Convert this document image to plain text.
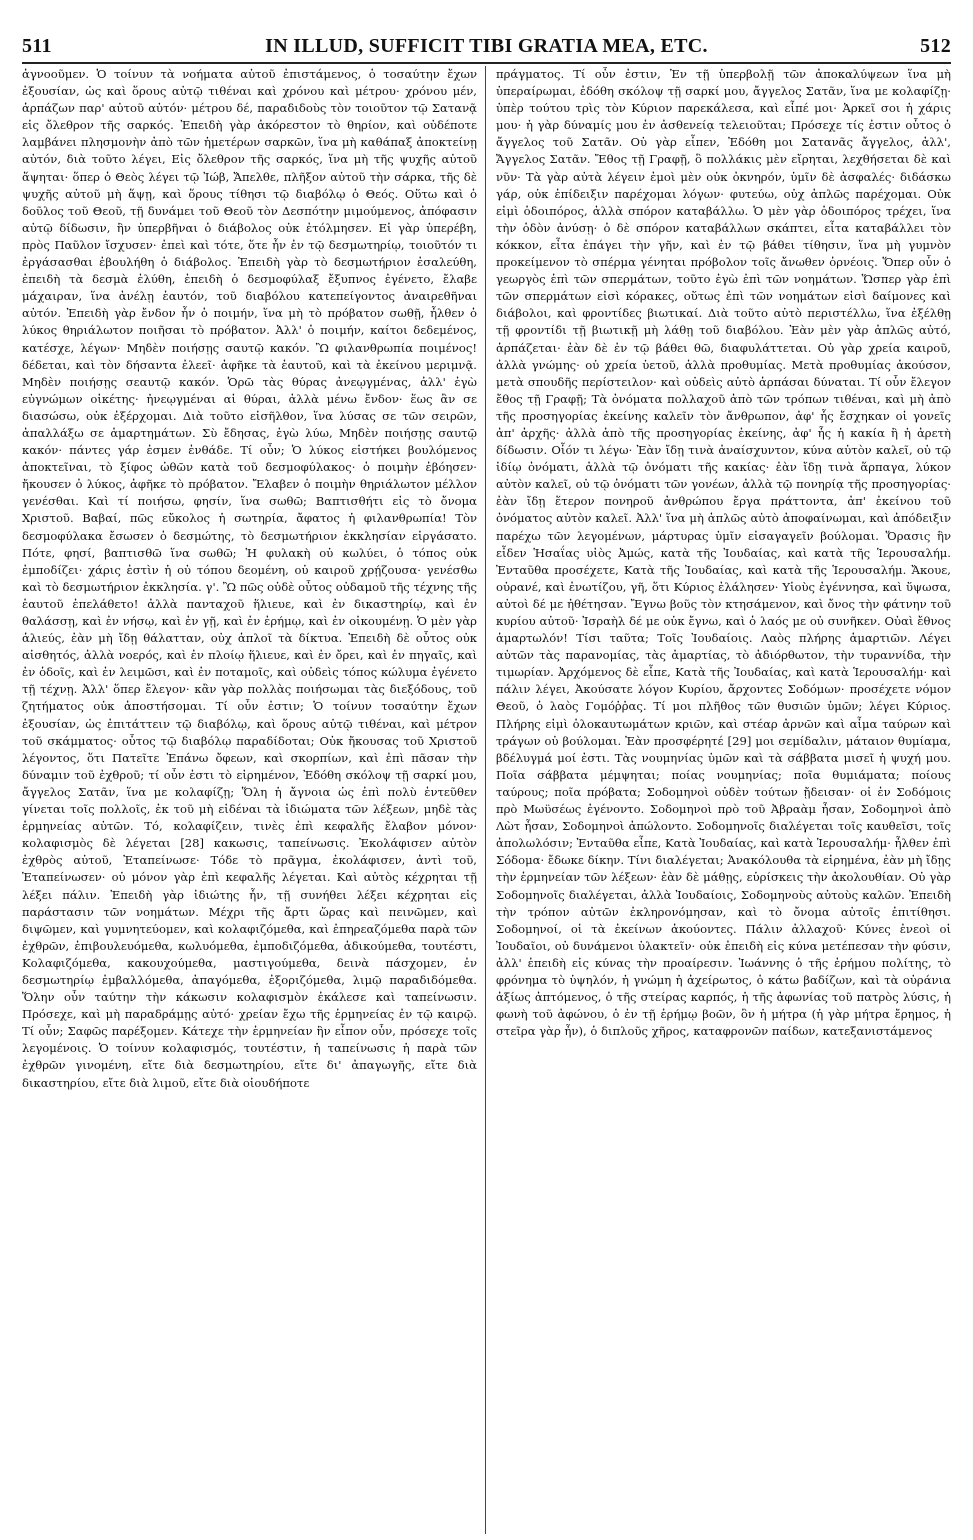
511	IN ILLUD, SUFFICIT TIBI GRATIA MEA, ETC.	512

ἀγνοοῦμεν. Ὁ τοίνυν τὰ νοήματα αὐτοῦ ἐπιστάμενος, ὁ τοσαύτην ἔχων ἐξουσίαν, ὡς καὶ ὅρους αὐτῷ τιθέναι καὶ χρόνου καὶ μέτρου· χρόνου μέν, ἁρπάζων παρ' αὐτοῦ αὐτόν· μέτρου δέ, παραδιδοὺς τὸν τοιοῦτον τῷ Σατανᾷ εἰς ὄλεθρον τῆς σαρκός. Ἐπειδὴ γὰρ ἀκόρεστον τὸ θηρίον, καὶ οὐδέποτε λαμβάνει πλησμονὴν ἀπὸ τῶν ἡμετέρων σαρκῶν, ἵνα μὴ καθάπαξ ἀποκτείνῃ αὐτόν, διὰ τοῦτο λέγει, Εἰς ὄλεθρον τῆς σαρκός, ἵνα μὴ τῆς ψυχῆς αὐτοῦ ἅψηται· ὅπερ ὁ Θεὸς λέγει τῷ Ἰώβ, Ἄπελθε, πλῆξον αὐτοῦ τὴν σάρκα, τῆς δὲ ψυχῆς αὐτοῦ μὴ ἅψῃ, καὶ ὅρους τίθησι τῷ διαβόλῳ ὁ Θεός. Οὕτω καὶ ὁ δοῦλος τοῦ Θεοῦ, τῇ δυνάμει τοῦ Θεοῦ τὸν Δεσπότην μιμούμενος, ἀπόφασιν αὐτῷ δίδωσιν, ἣν ὑπερβῆναι ὁ διάβολος οὐκ ἐτόλμησεν. Εἰ γὰρ ὑπερέβη, πρὸς Παῦλον ἴσχυσεν· ἐπεὶ καὶ τότε, ὅτε ἦν ἐν τῷ δεσμωτηρίῳ, τοιοῦτόν τι ἐργάσασθαι ἐβουλήθη ὁ διάβολος. Ἐπειδὴ γὰρ τὸ δεσμωτήριον ἐσαλεύθη, ἐπειδὴ τὰ δεσμὰ ἐλύθη, ἐπειδὴ ὁ δεσμοφύλαξ ἔξυπνος ἐγένετο, ἔλαβε μάχαιραν, ἵνα ἀνέλῃ ἑαυτόν, τοῦ διαβόλου κατεπείγοντος ἀναιρεθῆναι αὐτόν. Ἐπειδὴ γὰρ ἔνδον ἦν ὁ ποιμήν, ἵνα μὴ τὸ πρόβατον σωθῇ, ἦλθεν ὁ λύκος θηριάλωτον ποιῆσαι τὸ πρόβατον. Ἀλλ' ὁ ποιμήν, καίτοι δεδεμένος, κατέσχε, λέγων· Μηδὲν ποιήσῃς σαυτῷ κακόν. Ὢ φιλανθρωπία ποιμένος! δέδεται, καὶ τὸν δήσαντα ἐλεεῖ· ἀφῆκε τὰ ἑαυτοῦ, καὶ τὰ ἐκείνου μεριμνᾷ. Μηδὲν ποιήσῃς σεαυτῷ κακόν. Ὁρῶ τὰς θύρας ἀνεῳγμένας, ἀλλ' ἐγὼ εὐγνώμων οἰκέτης· ἠνεῳγμέναι αἱ θύραι, ἀλλὰ μένω ἔνδον· ἕως ἂν σε διασώσω, οὐκ ἐξέρχομαι. Διὰ τοῦτο εἰσῆλθον, ἵνα λύσας σε τῶν σειρῶν, ἀπαλλάξω σε ἁμαρτημάτων. Σὺ ἔδησας, ἐγὼ λύω, Μηδὲν ποιήσῃς σαυτῷ κακόν· πάντες γάρ ἐσμεν ἐνθάδε. Τί οὖν; Ὁ λύκος εἱστήκει βουλόμενος ἀποκτεῖναι, τὸ ξίφος ὠθῶν κατὰ τοῦ δεσμοφύλακος· ὁ ποιμὴν ἐβόησεν· ἤκουσεν ὁ λύκος, ἀφῆκε τὸ πρόβατον. Ἔλαβεν ὁ ποιμὴν θηριάλωτον μέλλον γενέσθαι. Καὶ τί ποιήσω, φησίν, ἵνα σωθῶ; Βαπτισθήτι εἰς τὸ ὄνομα Χριστοῦ. Βαβαί, πῶς εὔκολος ἡ σωτηρία, ἄφατος ἡ φιλανθρωπία! Τὸν δεσμοφύλακα ἔσωσεν ὁ δεσμώτης, τὸ δεσμωτήριον ἐκκλησίαν εἰργάσατο. Πότε, φησί, βαπτισθῶ ἵνα σωθῶ; Ἡ φυλακὴ οὐ κωλύει, ὁ τόπος οὐκ ἐμποδίζει· χάρις ἐστὶν ἡ οὐ τόπου δεομένη, οὐ καιροῦ χρῄζουσα· γενέσθω καὶ τὸ δεσμωτήριον ἐκκλησία. γ'. Ὢ πῶς οὐδὲ οὗτος οὐδαμοῦ τῆς τέχνης τῆς ἑαυτοῦ ἐπελάθετο! ἀλλὰ πανταχοῦ ἥλιευε, καὶ ἐν δικαστηρίῳ, καὶ ἐν θαλάσσῃ, καὶ ἐν νήσῳ, καὶ ἐν γῇ, καὶ ἐν ἐρήμῳ, καὶ ἐν οἰκουμένῃ. Ὁ μὲν γὰρ ἁλιεύς, ἐὰν μὴ ἴδῃ θάλατταν, οὐχ ἁπλοῖ τὰ δίκτυα. Ἐπειδὴ δὲ οὗτος οὐκ αἰσθητός, ἀλλὰ νοερός, καὶ ἐν πλοίῳ ἥλιευε, καὶ ἐν ὄρει, καὶ ἐν πηγαῖς, καὶ ἐν ὁδοῖς, καὶ ἐν λειμῶσι, καὶ ἐν ποταμοῖς, καὶ οὐδεὶς τόπος κώλυμα ἐγένετο τῇ τέχνῃ. Ἀλλ' ὅπερ ἔλεγον· κἂν γὰρ πολλὰς ποιήσωμαι τὰς διεξόδους, τοῦ ζητήματος οὐκ ἀποστήσομαι. Τί οὖν ἐστιν; Ὁ τοίνυν τοσαύτην ἔχων ἐξουσίαν, ὡς ἐπιτάττειν τῷ διαβόλῳ, καὶ ὅρους αὐτῷ τιθέναι, καὶ μέτρον τοῦ σκάμματος· οὗτος τῷ διαβόλῳ παραδίδοται; Οὐκ ἤκουσας τοῦ Χριστοῦ λέγοντος, ὅτι Πατεῖτε Ἐπάνω ὄφεων, καὶ σκορπίων, καὶ ἐπὶ πᾶσαν τὴν δύναμιν τοῦ ἐχθροῦ; τί οὖν ἐστι τὸ εἰρημένον, Ἐδόθη σκόλοψ τῇ σαρκί μου, ἄγγελος Σατᾶν, ἵνα με κολαφίζῃ; Ὅλη ἡ ἄγνοια ὡς ἐπὶ πολὺ ἐντεῦθεν γίνεται τοῖς πολλοῖς, ἐκ τοῦ μὴ εἰδέναι τὰ ἰδιώματα τῶν λέξεων, μηδὲ τὰς ἑρμηνείας αὐτῶν. Τό, κολαφίζειν, τινὲς ἐπὶ κεφαλῆς ἔλαβον μόνον· κολαφισμὸς δὲ λέγεται [28] κακωσις, ταπείνωσις. Ἐκολάφισεν αὐτὸν ἐχθρὸς αὐτοῦ, Ἐταπείνωσε· Τόδε τὸ πρᾶγμα, ἐκολάφισεν, ἀντὶ τοῦ, Ἐταπείνωσεν· οὐ μόνον γὰρ ἐπὶ κεφαλῆς λέγεται. Καὶ αὐτὸς κέχρηται τῇ λέξει πάλιν. Ἐπειδὴ γὰρ ἰδιώτης ἦν, τῇ συνήθει λέξει κέχρηται εἰς παράστασιν τῶν νοημάτων. Μέχρι τῆς ἄρτι ὥρας καὶ πεινῶμεν, καὶ διψῶμεν, καὶ γυμνητεύομεν, καὶ κολαφιζόμεθα, καὶ ἐπηρεαζόμεθα παρὰ τῶν ἐχθρῶν, ἐπιβουλευόμεθα, κωλυόμεθα, ἐμποδιζόμεθα, ἀδικούμεθα, τουτέστι, Κολαφιζόμεθα, κακουχούμεθα, μαστιγούμεθα, δεινὰ πάσχομεν, ἐν δεσμωτηρίῳ ἐμβαλλόμεθα, ἀπαγόμεθα, ἐξοριζόμεθα, λιμῷ παραδιδόμεθα. Ὅλην οὖν ταύτην τὴν κάκωσιν κολαφισμὸν ἐκάλεσε καὶ ταπείνωσιν. Πρόσεχε, καὶ μὴ παραδράμῃς αὐτό· χρείαν ἔχω τῆς ἑρμηνείας ἐν τῷ καιρῷ. Τί οὖν; Σαφῶς παρέξομεν. Κάτεχε τὴν ἑρμηνείαν ἣν εἶπον οὖν, πρόσεχε τοῖς λεγομένοις. Ὁ τοίνυν κολαφισμός, τουτέστιν, ἡ ταπείνωσις ἡ παρὰ τῶν ἐχθρῶν γινομένη, εἴτε διὰ δεσμωτηρίου, εἴτε δι' ἀπαγωγῆς, εἴτε διὰ δικαστηρίου, εἴτε διὰ λιμοῦ, εἴτε διὰ οἱουδήποτε

πράγματος. Τί οὖν ἐστιν, Ἐν τῇ ὑπερβολῇ τῶν ἀποκαλύψεων ἵνα μὴ ὑπεραίρωμαι, ἐδόθη σκόλοψ τῇ σαρκί μου, ἄγγελος Σατᾶν, ἵνα με κολαφίζῃ· ὑπὲρ τούτου τρὶς τὸν Κύριον παρεκάλεσα, καὶ εἶπέ μοι· Ἀρκεῖ σοι ἡ χάρις μου· ἡ γὰρ δύναμίς μου ἐν ἀσθενείᾳ τελειοῦται; Πρόσεχε τίς ἐστιν οὗτος ὁ ἄγγελος τοῦ Σατᾶν. Οὐ γὰρ εἶπεν, Ἐδόθη μοι Σατανᾶς ἄγγελος, ἀλλ', Ἄγγελος Σατᾶν. Ἔθος τῇ Γραφῇ, ὃ πολλάκις μὲν εἴρηται, λεχθήσεται δὲ καὶ νῦν· Τὰ γὰρ αὐτὰ λέγειν ἐμοὶ μὲν οὐκ ὀκνηρόν, ὑμῖν δὲ ἀσφαλές· διδάσκω γάρ, οὐκ ἐπίδειξιν παρέχομαι λόγων· φυτεύω, οὐχ ἁπλῶς παρέχομαι. Οὐκ εἰμὶ ὁδοιπόρος, ἀλλὰ σπόρον καταβάλλω. Ὁ μὲν γὰρ ὁδοιπόρος τρέχει, ἵνα τὴν ὁδὸν ἀνύσῃ· ὁ δὲ σπόρον καταβάλλων σκάπτει, εἶτα καταβάλλει τὸν κόκκον, εἶτα ἐπάγει τὴν γῆν, καὶ ἐν τῷ βάθει τίθησιν, ἵνα μὴ γυμνὸν προκείμενον τὸ σπέρμα γένηται πρόβολον τοῖς ἄνωθεν ὀρνέοις. Ὅπερ οὖν ὁ γεωργὸς ἐπὶ τῶν σπερμάτων, τοῦτο ἐγὼ ἐπὶ τῶν νοημάτων. Ὥσπερ γὰρ ἐπὶ τῶν σπερμάτων εἰσὶ κόρακες, οὕτως ἐπὶ τῶν νοημάτων εἰσὶ δαίμονες καὶ διάβολοι, καὶ φροντίδες βιωτικαί. Διὰ τοῦτο αὐτὸ περιστέλλω, ἵνα ἐξέλθῃ τῇ φροντίδι τῇ βιωτικῇ μὴ λάθῃ τοῦ διαβόλου. Ἐὰν μὲν γὰρ ἁπλῶς αὐτό, ἁρπάζεται· ἐὰν δὲ ἐν τῷ βάθει θῶ, διαφυλάττεται. Οὐ γὰρ χρεία καιροῦ, ἀλλὰ γνώμης· οὐ χρεία ὑετοῦ, ἀλλὰ προθυμίας. Μετὰ προθυμίας ἀκούσον, μετὰ σπουδῆς περίστειλον· καὶ οὐδεὶς αὐτὸ ἁρπάσαι δύναται. Τί οὖν ἔλεγον ἔθος τῇ Γραφῇ; Τὰ ὀνόματα πολλαχοῦ ἀπὸ τῶν τρόπων τιθέναι, καὶ μὴ ἀπὸ τῆς προσηγορίας ἐκείνης καλεῖν τὸν ἄνθρωπον, ἀφ' ἧς ἔσχηκαν οἱ γονεῖς ἀπ' ἀρχῆς· ἀλλὰ ἀπὸ τῆς προσηγορίας ἐκείνης, ἀφ' ἧς ἡ κακία ἢ ἡ ἀρετὴ δίδωσιν. Οἷόν τι λέγω· Ἐὰν ἴδῃ τινὰ ἀναίσχυντον, κύνα αὐτὸν καλεῖ, οὐ τῷ ἰδίῳ ὀνόματι, ἀλλὰ τῷ ὀνόματι τῆς κακίας· ἐὰν ἴδῃ τινὰ ἅρπαγα, λύκον αὐτὸν καλεῖ, οὐ τῷ ὀνόματι τῶν γονέων, ἀλλὰ τῷ πονηρίᾳ τῆς προσηγορίας· ἐὰν ἴδῃ ἕτερον πονηροῦ ἀνθρώπου ἔργα πράττοντα, ἀπ' ἐκείνου τοῦ ὀνόματος αὐτὸν καλεῖ. Ἀλλ' ἵνα μὴ ἁπλῶς αὐτὸ ἀποφαίνωμαι, καὶ ἀπόδειξιν παρέχω τῶν λεγομένων, μάρτυρας ὑμῖν εἰσαγαγεῖν βούλομαι. Ὅρασις ἣν εἶδεν Ἡσαΐας υἱὸς Ἀμώς, κατὰ τῆς Ἰουδαίας, καὶ κατὰ τῆς Ἱερουσαλήμ. Ἐνταῦθα προσέχετε, Κατὰ τῆς Ἰουδαίας, καὶ κατὰ τῆς Ἱερουσαλήμ. Ἄκουε, οὐρανέ, καὶ ἐνωτίζου, γῆ, ὅτι Κύριος ἐλάλησεν· Υἱοὺς ἐγέννησα, καὶ ὕψωσα, αὐτοὶ δέ με ἠθέτησαν. Ἔγνω βοῦς τὸν κτησάμενον, καὶ ὄνος τὴν φάτνην τοῦ κυρίου αὐτοῦ· Ἰσραὴλ δέ με οὐκ ἔγνω, καὶ ὁ λαός με οὐ συνῆκεν. Οὐαὶ ἔθνος ἁμαρτωλόν! Τίσι ταῦτα; Τοῖς Ἰουδαίοις. Λαὸς πλήρης ἁμαρτιῶν. Λέγει αὐτῶν τὰς παρανομίας, τὰς ἁμαρτίας, τὸ ἀδιόρθωτον, τὴν τυραννίδα, τὴν τιμωρίαν. Ἀρχόμενος δὲ εἶπε, Κατὰ τῆς Ἰουδαίας, καὶ κατὰ Ἱερουσαλήμ· καὶ πάλιν λέγει, Ἀκούσατε λόγον Κυρίου, ἄρχοντες Σοδόμων· προσέχετε νόμον Θεοῦ, ὁ λαὸς Γομόῤῥας. Τί μοι πλῆθος τῶν θυσιῶν ὑμῶν; λέγει Κύριος. Πλήρης εἰμὶ ὁλοκαυτωμάτων κριῶν, καὶ στέαρ ἀρνῶν καὶ αἷμα ταύρων καὶ τράγων οὐ βούλομαι. Ἐὰν προσφέρητέ [29] μοι σεμίδαλιν, μάταιον θυμίαμα, βδέλυγμά μοί ἐστι. Τὰς νουμηνίας ὑμῶν καὶ τὰ σάββατα μισεῖ ἡ ψυχή μου. Ποῖα σάββατα μέμψηται; ποίας νουμηνίας; ποῖα θυμιάματα; ποίους ταύρους; ποῖα πρόβατα; Σοδομηνοὶ οὐδὲν τούτων ᾔδεισαν· οἱ ἐν Σοδόμοις πρὸ Μωϋσέως ἐγένοντο. Σοδομηνοὶ πρὸ τοῦ Ἀβραὰμ ἦσαν, Σοδομηνοὶ ἀπὸ Λὼτ ἦσαν, Σοδομηνοὶ ἀπώλοντο. Σοδομηνοῖς διαλέγεται τοῖς καυθεῖσι, τοῖς ἀπολωλόσιν; Ἐνταῦθα εἶπε, Κατὰ Ἰουδαίας, καὶ κατὰ Ἱερουσαλήμ· ἦλθεν ἐπὶ Σόδομα· ἔδωκε δίκην. Τίνι διαλέγεται; Ἀνακόλουθα τὰ εἰρημένα, ἐὰν μὴ ἴδῃς τὴν ἑρμηνείαν τῶν λέξεων· ἐὰν δὲ μάθῃς, εὑρίσκεις τὴν ἀκολουθίαν. Οὐ γὰρ Σοδομηνοῖς διαλέγεται, ἀλλὰ Ἰουδαίοις, Σοδομηνοὺς αὐτοὺς καλῶν. Ἐπειδὴ τὴν τρόπον αὐτῶν ἐκληρονόμησαν, καὶ τὸ ὄνομα αὐτοῖς ἐπιτίθησι. Σοδομηνοί, οἱ τὰ ἐκείνων ἀκούοντες. Πάλιν ἀλλαχοῦ· Κύνες ἐνεοὶ οἱ Ἰουδαῖοι, οὐ δυνάμενοι ὑλακτεῖν· οὐκ ἐπειδὴ εἰς κύνα μετέπεσαν τὴν φύσιν, ἀλλ' ἐπειδὴ εἰς κύνας τὴν προαίρεσιν. Ἰωάννης ὁ τῆς ἐρήμου πολίτης, τὸ φρόνημα τὸ ὑψηλόν, ἡ γνώμη ἡ ἀχείρωτος, ὁ κάτω βαδίζων, καὶ τὰ οὐράνια ἀξίως ἀπτόμενος, ὁ τῆς στείρας καρπός, ἡ τῆς ἀφωνίας τοῦ πατρὸς λύσις, ἡ φωνὴ τοῦ ἀφώνου, ὁ ἐν τῇ ἐρήμῳ βοῶν, ὃν ἡ μήτρα (ἡ γὰρ μήτρα ἔρημος, ἡ στεῖρα γὰρ ἦν), ὁ διπλοῦς χῆρος, καταφρονῶν παίδων, κατεξανιστάμενος
